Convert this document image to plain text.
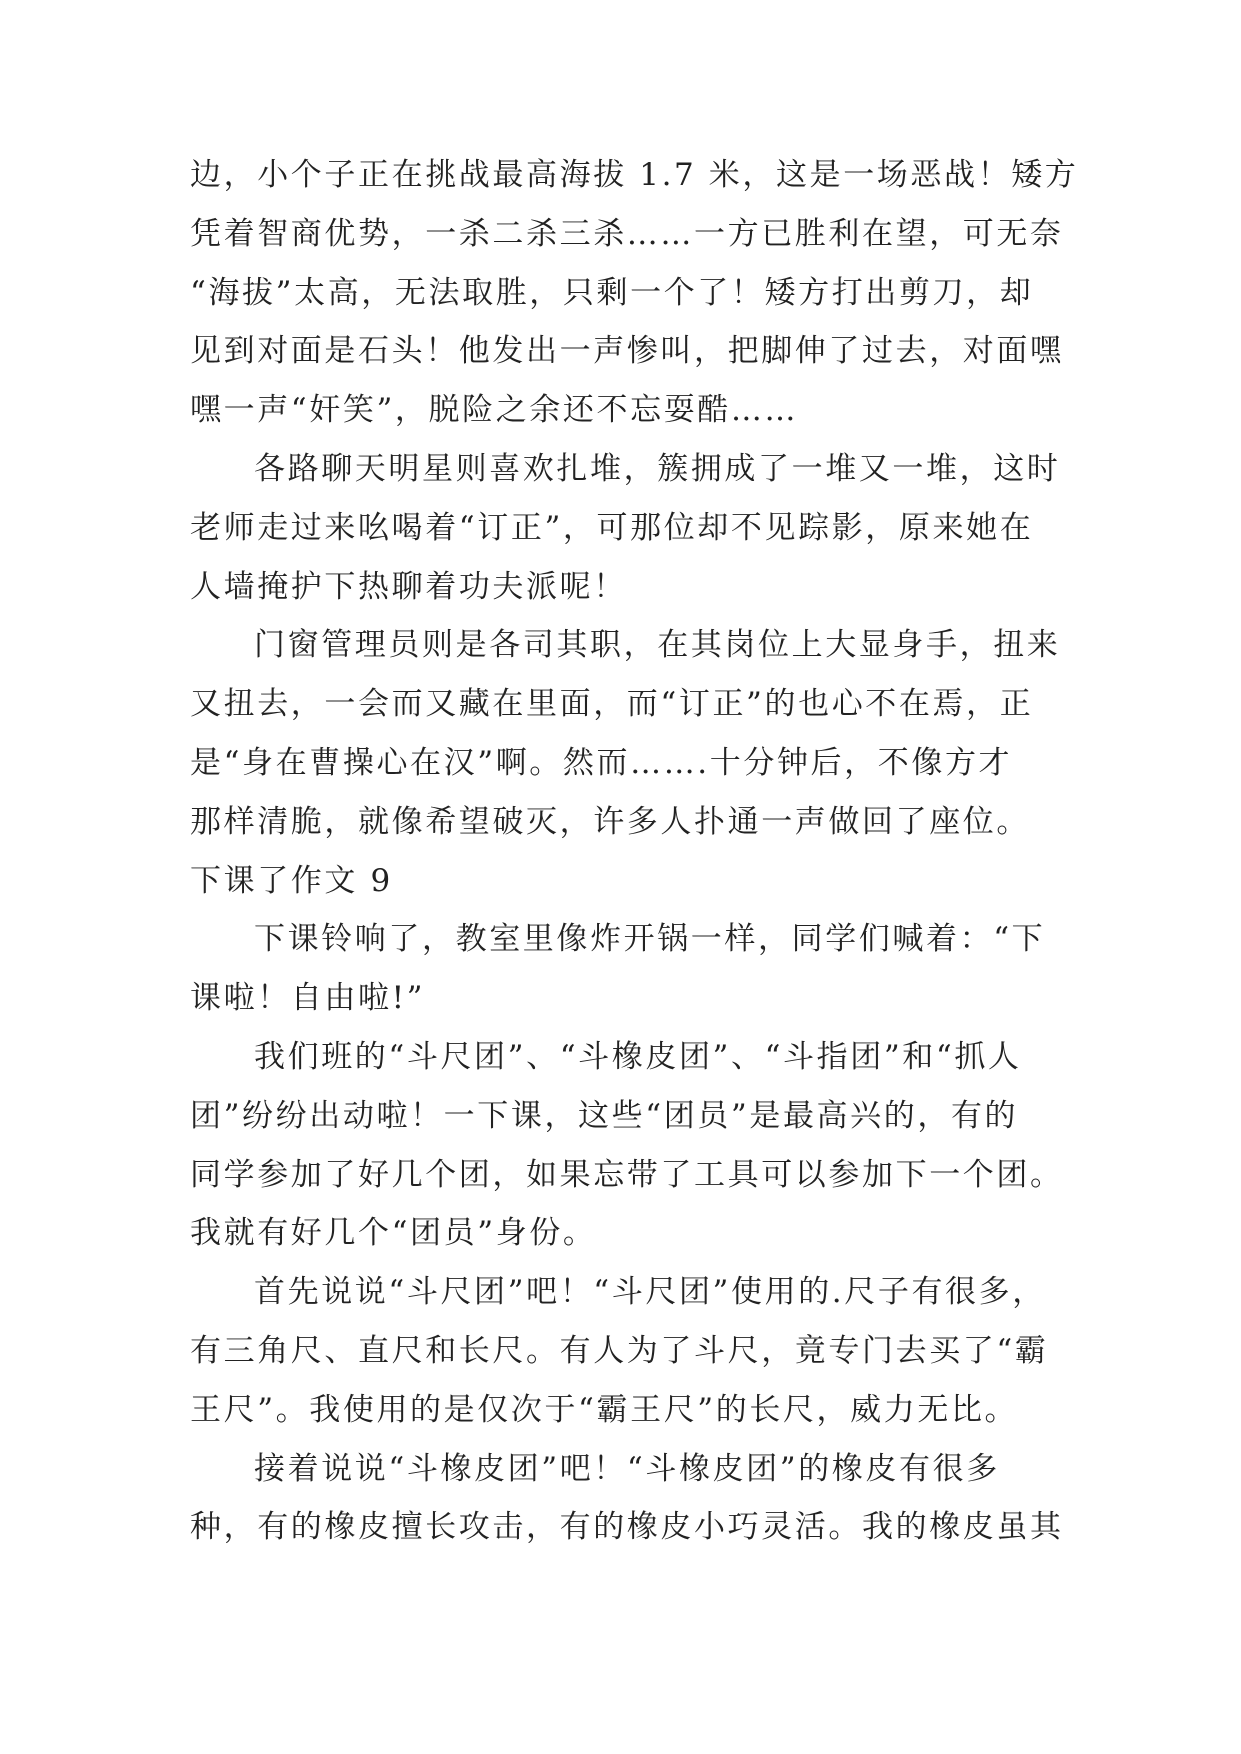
边，小个子正在挑战最高海拔 1.7 米，这是一场恶战！矮方
凭着智商优势，一杀二杀三杀……一方已胜利在望，可无奈
“海拔”太高，无法取胜，只剩一个了！矮方打出剪刀，却
见到对面是石头！他发出一声惨叫，把脚伸了过去，对面嘿
嘿一声“奸笑”，脱险之余还不忘耍酷……
各路聊天明星则喜欢扎堆，簇拥成了一堆又一堆，这时
老师走过来吆喝着“订正”，可那位却不见踪影，原来她在
人墙掩护下热聊着功夫派呢！
门窗管理员则是各司其职，在其岗位上大显身手，扭来
又扭去，一会而又藏在里面，而“订正”的也心不在焉，正
是“身在曹操心在汉”啊。然而…….十分钟后，不像方才
那样清脆，就像希望破灭，许多人扑通一声做回了座位。
下课了作文 9
下课铃响了，教室里像炸开锅一样，同学们喊着：“下
课啦！自由啦!”
我们班的“斗尺团”、“斗橡皮团”、“斗指团”和“抓人
团”纷纷出动啦！一下课，这些“团员”是最高兴的，有的
同学参加了好几个团，如果忘带了工具可以参加下一个团。
我就有好几个“团员”身份。
首先说说“斗尺团”吧！“斗尺团”使用的.尺子有很多，
有三角尺、直尺和长尺。有人为了斗尺，竟专门去买了“霸
王尺”。我使用的是仅次于“霸王尺”的长尺，威力无比。
接着说说“斗橡皮团”吧！“斗橡皮团”的橡皮有很多
种，有的橡皮擅长攻击，有的橡皮小巧灵活。我的橡皮虽其
